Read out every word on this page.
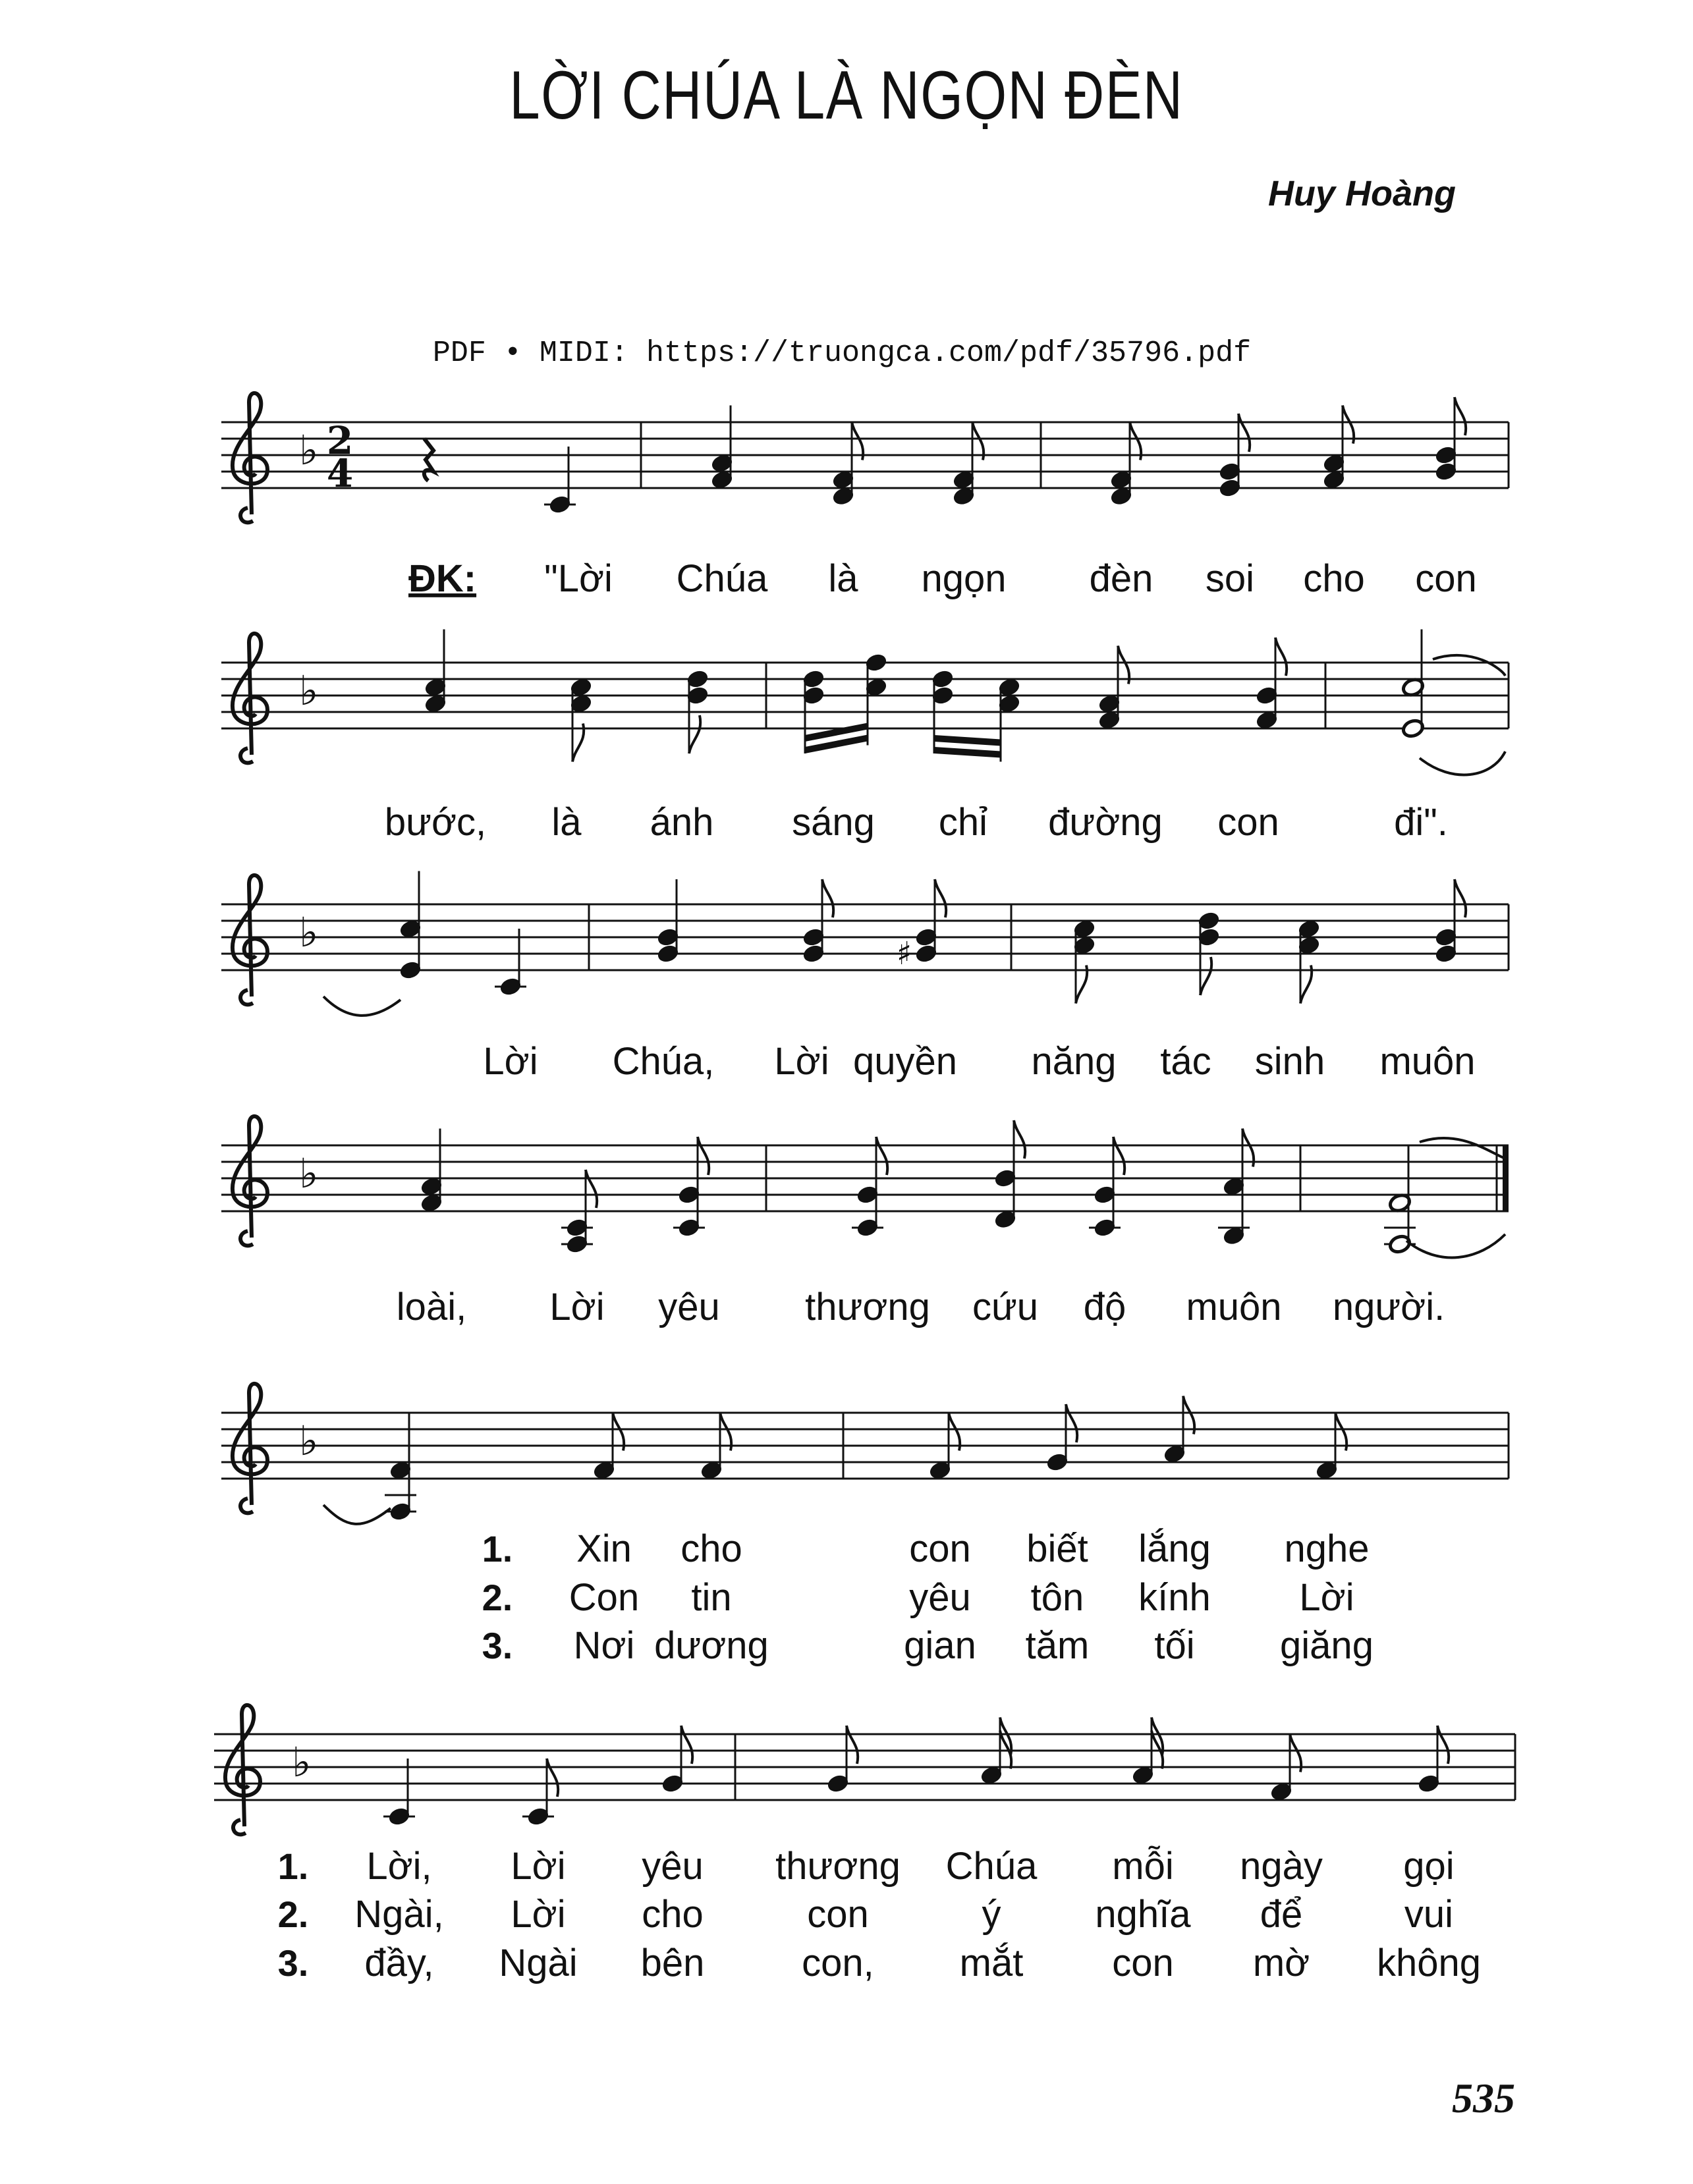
LỜI CHÚA LÀ NGỌN ĐÈN
Huy Hoàng
PDF • MIDI: https://truongca.com/pdf/35796.pdf
♭ 2
4
♭
♭	♯
♭
♭
♭
ĐK: "Lời Chúa là ngọn đèn soi cho con
bước, là ánh sáng chỉ đường con	đi".
Lời Chúa, Lời quyền năng tác sinh muôn
loài, Lời yêu thương cứu độ muôn người.
1. Xin cho	con biết lắng nghe
2. Con tin	yêu tôn kính Lời
3. Nơi dương	gian tăm tối giăng
1. Lời, Lời yêu thương Chúa mỗi ngày gọi
2. Ngài, Lời cho	con	ý nghĩa để	vui
3. đầy, Ngài bên	con, mắt con mờ không
535
